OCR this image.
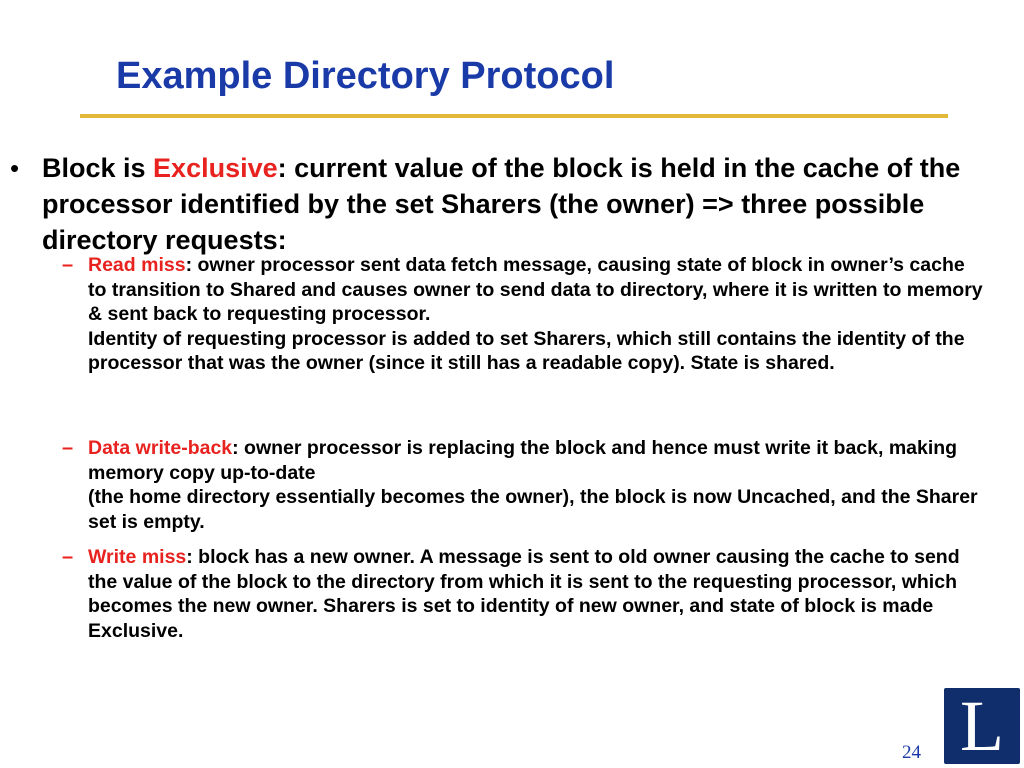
Example Directory Protocol
• Block is Exclusive: current value of the block is held in the cache of the processor identified by the set Sharers (the owner) => three possible directory requests:
– Read miss: owner processor sent data fetch message, causing state of block in owner’s cache to transition to Shared and causes owner to send data to directory, where it is written to memory & sent back to requesting processor.
Identity of requesting processor is added to set Sharers, which still contains the identity of the processor that was the owner (since it still has a readable copy). State is shared.
– Data write-back: owner processor is replacing the block and hence must write it back, making memory copy up-to-date
(the home directory essentially becomes the owner), the block is now Uncached, and the Sharer set is empty.
– Write miss: block has a new owner. A message is sent to old owner causing the cache to send the value of the block to the directory from which it is sent to the requesting processor, which becomes the new owner. Sharers is set to identity of new owner, and state of block is made Exclusive.
24 L
